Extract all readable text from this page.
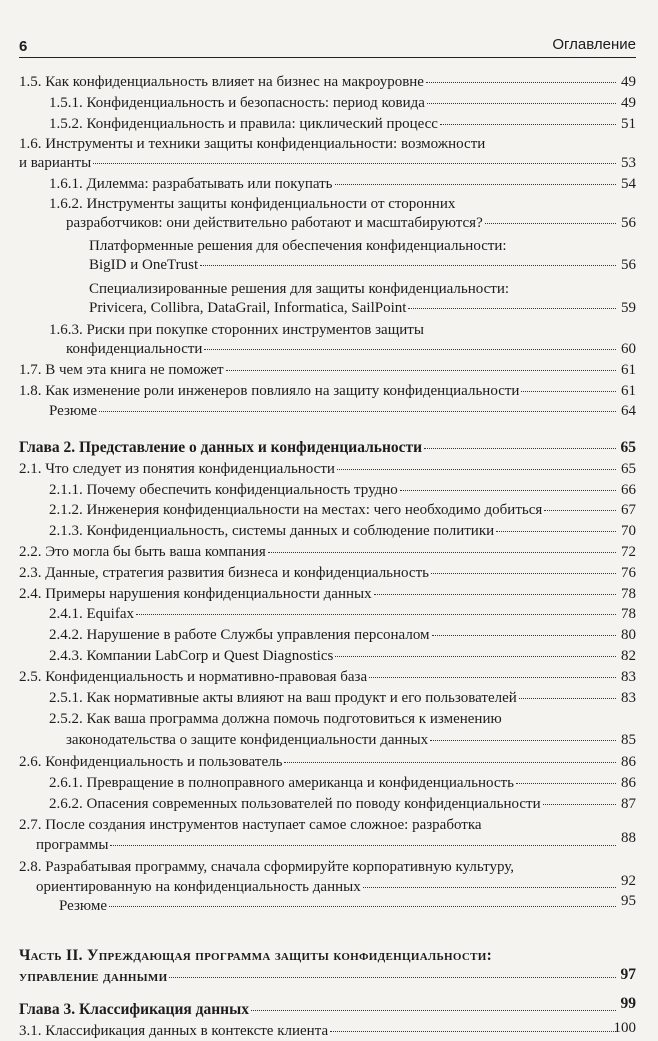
6	Оглавление
1.5. Как конфиденциальность влияет на бизнес на макроуровне	49
1.5.1. Конфиденциальность и безопасность: период ковида	49
1.5.2. Конфиденциальность и правила: циклический процесс	51
1.6. Инструменты и техники защиты конфиденциальности: возможности
и варианты	53
1.6.1. Дилемма: разрабатывать или покупать	54
1.6.2. Инструменты защиты конфиденциальности от сторонних
разработчиков: они действительно работают и масштабируются?	56
Платформенные решения для обеспечения конфиденциальности:
BigID и OneTrust	56
Специализированные решения для защиты конфиденциальности:
Privicera, Collibra, DataGrail, Informatica, SailPoint	59
1.6.3. Риски при покупке сторонних инструментов защиты
конфиденциальности	60
1.7. В чем эта книга не поможет	61
1.8. Как изменение роли инженеров повлияло на защиту конфиденциальности	61
Резюме	64
Глава 2. Представление о данных и конфиденциальности	65
2.1. Что следует из понятия конфиденциальности	65
2.1.1. Почему обеспечить конфиденциальность трудно	66
2.1.2. Инженерия конфиденциальности на местах: чего необходимо добиться	67
2.1.3. Конфиденциальность, системы данных и соблюдение политики	70
2.2. Это могла бы быть ваша компания	72
2.3. Данные, стратегия развития бизнеса и конфиденциальность	76
2.4. Примеры нарушения конфиденциальности данных	78
2.4.1. Equifax	78
2.4.2. Нарушение в работе Службы управления персоналом	80
2.4.3. Компании LabCorp и Quest Diagnostics	82
2.5. Конфиденциальность и нормативно-правовая база	83
2.5.1. Как нормативные акты влияют на ваш продукт и его пользователей	83
2.5.2. Как ваша программа должна помочь подготовиться к изменению
законодательства о защите конфиденциальности данных	85
2.6. Конфиденциальность и пользователь	86
2.6.1. Превращение в полноправного американца и конфиденциальность	86
2.6.2. Опасения современных пользователей по поводу конфиденциальности	87
2.7. После создания инструментов наступает самое сложное: разработка
программы	88
2.8. Разрабатывая программу, сначала сформируйте корпоративную культуру,
ориентированную на конфиденциальность данных	92
Резюме	95
Часть II. Упреждающая программа защиты конфиденциальности:
управление данными	97
Глава 3. Классификация данных	99
3.1. Классификация данных в контексте клиента	100
